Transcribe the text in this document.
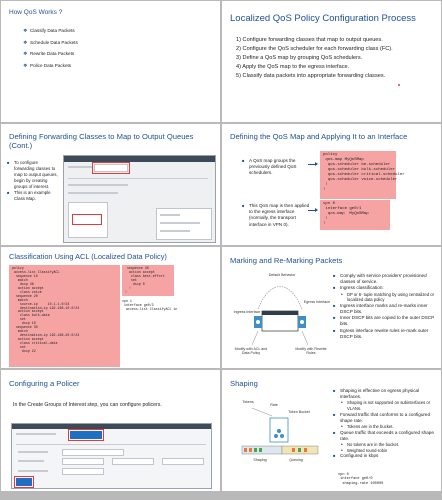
How QoS Works ?
❖ Classify Data Packets
❖ Schedule Data Packets
❖ Rewrite Data Packets
❖ Police Data Packets
Localized QoS Policy Configuration Process
1) Configure forwarding classes that map to output queues.
2) Configure the QoS scheduler for each forwarding class (FC).
3) Define a QoS map by grouping QoS schedulers.
4) Apply the QoS map to the egress interface.
5) Classify data packets into appropriate forwarding classes.
Defining Forwarding Classes to Map to Output Queues (Cont.)
■ To configure forwarding classes to map to output queues, begin by creating groups of interest.
■ This is an example Class Map.
Defining the QoS Map and Applying It to an Interface
■ A QoS map groups the previously defined QoS schedulers.
■ This QoS map is then applied to the egress interface (normally, the transport interface in VPN 0).
policy
qos-map MyQoSMap
qos-scheduler be-scheduler
qos-scheduler bulk-scheduler
qos-scheduler critical-scheduler
qos-scheduler voice-scheduler
!
!
vpn 0
interface ge0/1
qos-map  MyQoSMap
!
!
Classification Using ACL (Localized Data Policy)
policy
access-list ClassifyACL
sequence 10
match
dscp 46
action accept
class voice
sequence 20
match
source-ip     10.1.1.0/24
destination-ip 192.168.10.0/24
action accept
class bulk-data
set
dscp 10
sequence 30
match
destination-ip 192.168.20.0/24
action accept
class critical-data
set
dscp 22
sequence 40
action accept
class best-effort
set
dscp 0
!
!
vpn 1
interface ge0/3
access-list ClassifyACL in
Marking and Re-Marking Packets
Default Behavior
Egress Interface
Ingress Interface
Modify with ACL and Data Policy
Modify with Rewrite Rules
■ Comply with service providers' provisioned classes of service.
■ Ingress classification:
• DP or 6- tuple matching by using centralized or localized data policy
■ Ingress interface marks and re-marks inner DSCP bits.
■ Inner DSCP bits are copied to the outer DSCP bits.
■ Egress interface rewrite rules re-mark outer DSCP bits.
Configuring a Policer
In the Create Groups of Interest step, you can configure policers.
Shaping
Tokens
Rate
Token Bucket
Shaping	Queuing
■ Shaping is effective on egress physical interfaces.
• Shaping is not supported on subinterfaces or VLANs.
■ Forward traffic that conforms to a configured shape rate.
• Tokens are in the bucket.
■ Queue traffic that exceeds a configured shape rate.
• No tokens are in the bucket.
• Weighted round-robin
■ Configured in kbps
vpn 0
interface ge0/0
shaping-rate 100000
